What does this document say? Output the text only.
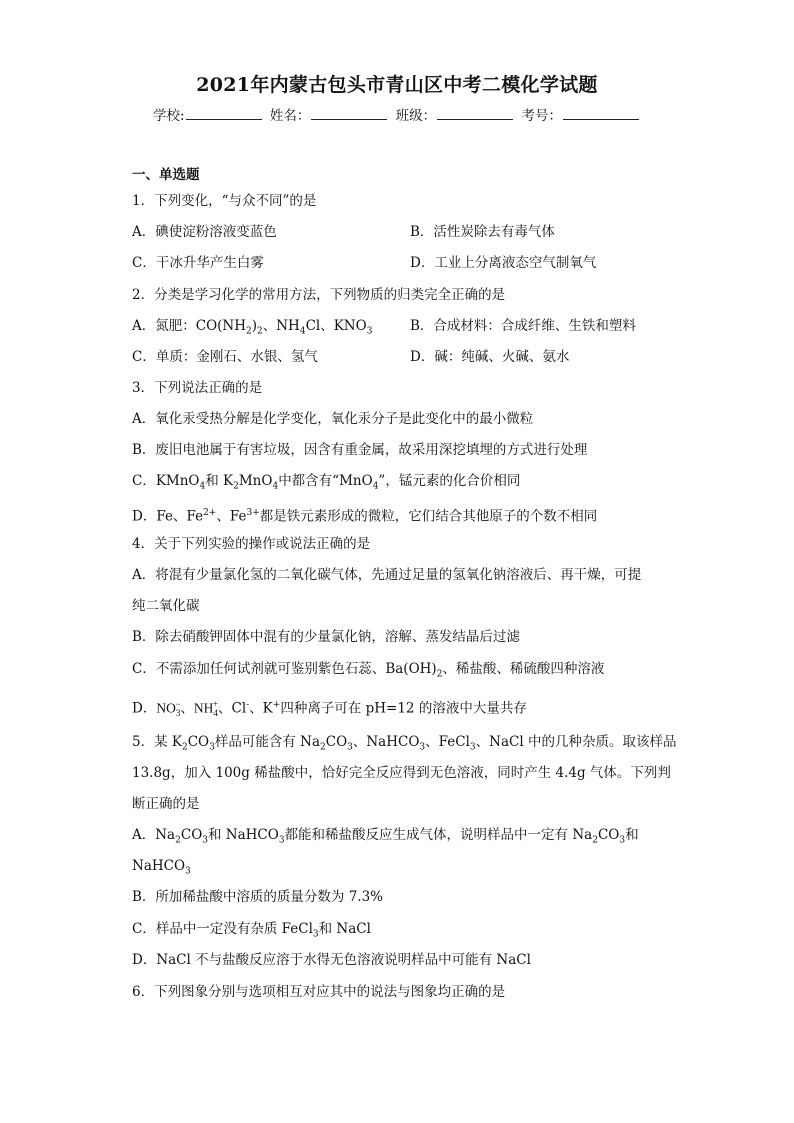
2021年内蒙古包头市青山区中考二模化学试题
学校:	姓名：	班级：	考号：
一、单选题
1．下列变化，“与众不同”的是
A．碘使淀粉溶液变蓝色	B．活性炭除去有毒气体
C．干冰升华产生白雾	D．工业上分离液态空气制氧气
2．分类是学习化学的常用方法，下列物质的归类完全正确的是
A．氮肥：$CO(NH_2)_2$、$NH_4Cl$、$KNO_3$	B．合成材料：合成纤维、生铁和塑料
C．单质：金刚石、水银、氢气	D．碱：纯碱、火碱、氨水
3．下列说法正确的是
A．氧化汞受热分解是化学变化，氧化汞分子是此变化中的最小微粒
B．废旧电池属于有害垃圾，因含有重金属，故采用深挖填埋的方式进行处理
C．KMnO$_4$和 $K_2MnO_4$中都含有“MnO$_4$”，锰元素的化合价相同
D．Fe、$Fe^{2+}$、$Fe^{3+}$都是铁元素形成的微粒，它们结合其他原子的个数不相同
4．关于下列实验的操作或说法正确的是
A．将混有少量氯化氢的二氧化碳气体，先通过足量的氢氧化钠溶液后、再干燥，可提
纯二氧化碳
B．除去硝酸钾固体中混有的少量氯化钠，溶解、蒸发结晶后过滤
C．不需添加任何试剂就可鉴别紫色石蕊、$Ba(OH)_2$、稀盐酸、稀硫酸四种溶液
D．$NO_3^-$、$NH_4^+$、Cl-、K+四种离子可在 pH=12 的溶液中大量共存
5．某 $K_2CO_3$样品可能含有 $Na_2CO_3$、NaHCO$_3$、FeCl$_3$、NaCl 中的几种杂质。取该样品
13.8g，加入 100g 稀盐酸中，恰好完全反应得到无色溶液，同时产生 4.4g 气体。下列判
断正确的是
A．$Na_2CO_3$和 NaHCO$_3$都能和稀盐酸反应生成气体，说明样品中一定有 $Na_2CO_3$和
NaHCO$_3$
B．所加稀盐酸中溶质的质量分数为 7.3%
C．样品中一定没有杂质 FeCl$_3$和 NaCl
D．NaCl 不与盐酸反应溶于水得无色溶液说明样品中可能有 NaCl
6．下列图象分别与选项相互对应其中的说法与图象均正确的是
